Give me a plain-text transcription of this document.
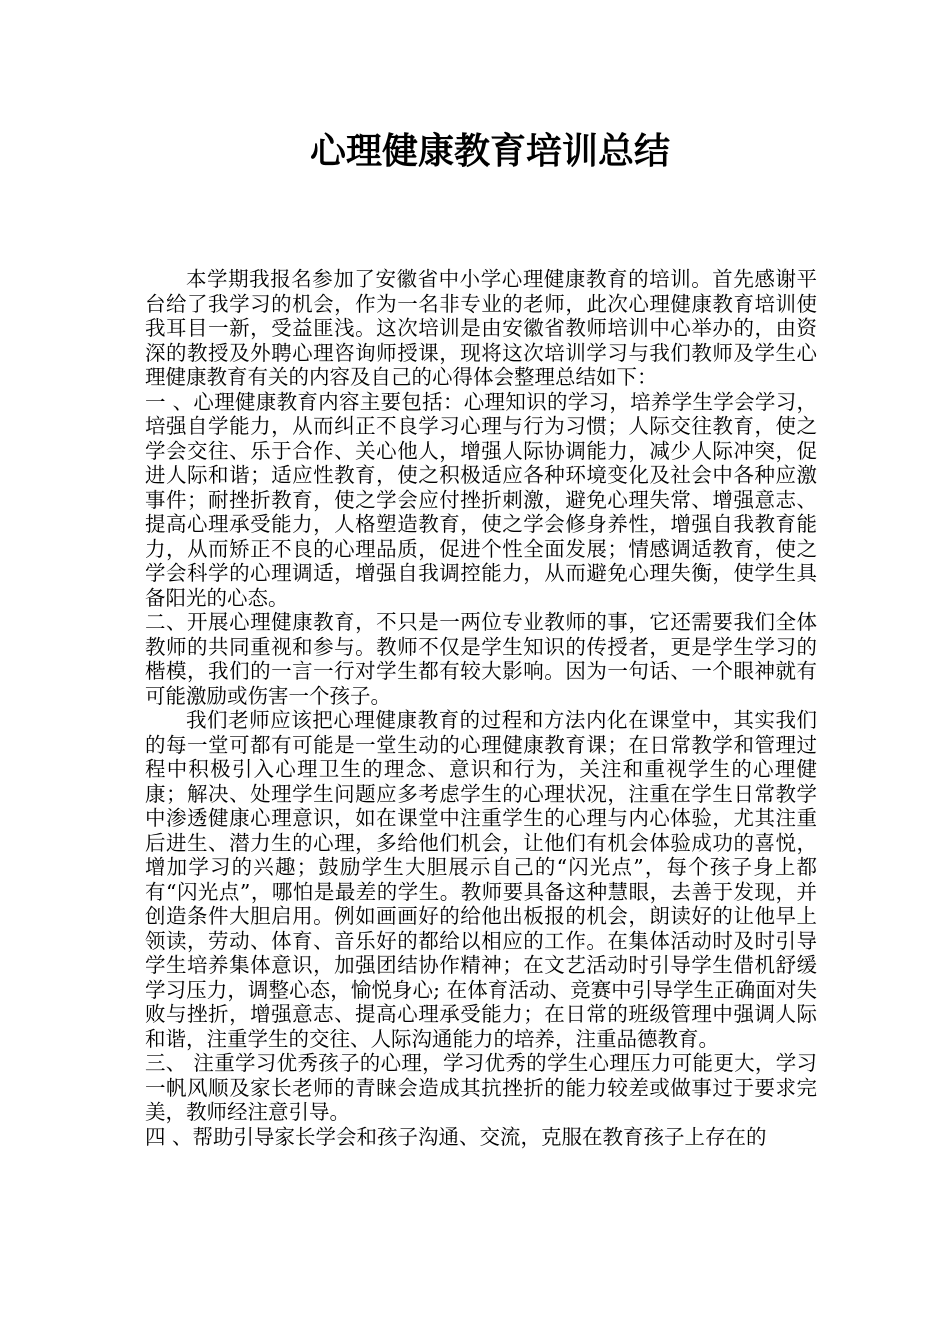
心理健康教育培训总结

本学期我报名参加了安徽省中小学心理健康教育的培训。首先感谢平台给了我学习的机会，作为一名非专业的老师，此次心理健康教育培训使我耳目一新，受益匪浅。这次培训是由安徽省教师培训中心举办的，由资深的教授及外聘心理咨询师授课，现将这次培训学习与我们教师及学生心理健康教育有关的内容及自己的心得体会整理总结如下：

一 、心理健康教育内容主要包括：心理知识的学习，培养学生学会学习，培强自学能力，从而纠正不良学习心理与行为习惯；人际交往教育，使之学会交往、乐于合作、关心他人，增强人际协调能力，减少人际冲突，促进人际和谐；适应性教育，使之积极适应各种环境变化及社会中各种应激事件；耐挫折教育，使之学会应付挫折刺激，避免心理失常、增强意志、提高心理承受能力，人格塑造教育，使之学会修身养性，增强自我教育能力，从而矫正不良的心理品质，促进个性全面发展；情感调适教育，使之学会科学的心理调适，增强自我调控能力，从而避免心理失衡，使学生具备阳光的心态。

二、开展心理健康教育，不只是一两位专业教师的事，它还需要我们全体教师的共同重视和参与。教师不仅是学生知识的传授者，更是学生学习的楷模，我们的一言一行对学生都有较大影响。因为一句话、一个眼神就有可能激励或伤害一个孩子。

我们老师应该把心理健康教育的过程和方法内化在课堂中，其实我们的每一堂可都有可能是一堂生动的心理健康教育课；在日常教学和管理过程中积极引入心理卫生的理念、意识和行为，关注和重视学生的心理健康；解决、处理学生问题应多考虑学生的心理状况，注重在学生日常教学中渗透健康心理意识，如在课堂中注重学生的心理与内心体验，尤其注重后进生、潜力生的心理，多给他们机会，让他们有机会体验成功的喜悦，增加学习的兴趣；鼓励学生大胆展示自己的“闪光点”，每个孩子身上都有“闪光点”，哪怕是最差的学生。教师要具备这种慧眼，去善于发现，并创造条件大胆启用。例如画画好的给他出板报的机会，朗读好的让他早上领读，劳动、体育、音乐好的都给以相应的工作。在集体活动时及时引导学生培养集体意识，加强团结协作精神；在文艺活动时引导学生借机舒缓学习压力，调整心态，愉悦身心; 在体育活动、竞赛中引导学生正确面对失败与挫折，增强意志、提高心理承受能力；在日常的班级管理中强调人际和谐，注重学生的交往、人际沟通能力的培养，注重品德教育。

三、 注重学习优秀孩子的心理，学习优秀的学生心理压力可能更大，学习一帆风顺及家长老师的青睐会造成其抗挫折的能力较差或做事过于要求完美，教师经注意引导。

四 、帮助引导家长学会和孩子沟通、交流，克服在教育孩子上存在的
